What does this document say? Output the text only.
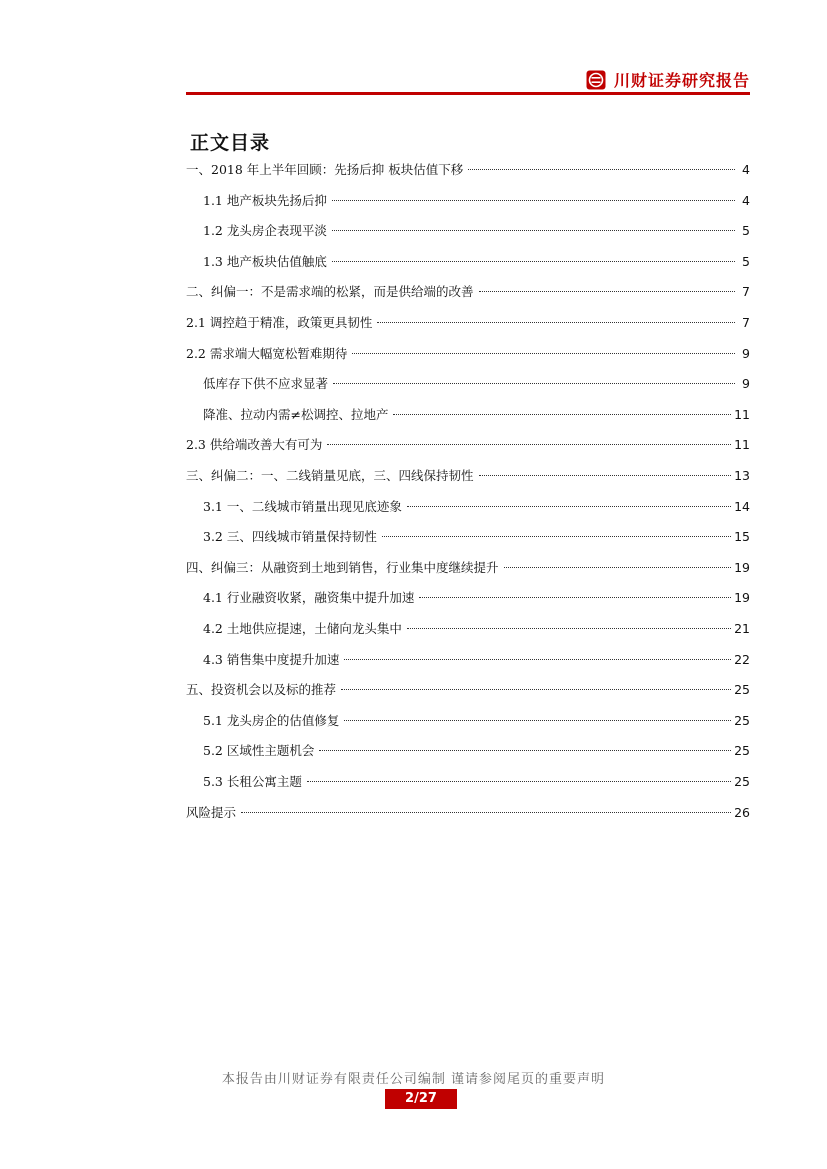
川财证券研究报告
正文目录
一、2018 年上半年回顾：先扬后抑 板块估值下移	4
1.1 地产板块先扬后抑	4
1.2 龙头房企表现平淡	5
1.3 地产板块估值触底	5
二、纠偏一：不是需求端的松紧，而是供给端的改善	7
2.1 调控趋于精准，政策更具韧性	7
2.2 需求端大幅宽松暂难期待	9
低库存下供不应求显著	9
降准、拉动内需≠松调控、拉地产	11
2.3 供给端改善大有可为	11
三、纠偏二：一、二线销量见底，三、四线保持韧性	13
3.1 一、二线城市销量出现见底迹象	14
3.2 三、四线城市销量保持韧性	15
四、纠偏三：从融资到土地到销售，行业集中度继续提升	19
4.1 行业融资收紧，融资集中提升加速	19
4.2 土地供应提速，土储向龙头集中	21
4.3 销售集中度提升加速	22
五、投资机会以及标的推荐	25
5.1 龙头房企的估值修复	25
5.2 区域性主题机会	25
5.3 长租公寓主题	25
风险提示	26
本报告由川财证券有限责任公司编制 谨请参阅尾页的重要声明
2/27
